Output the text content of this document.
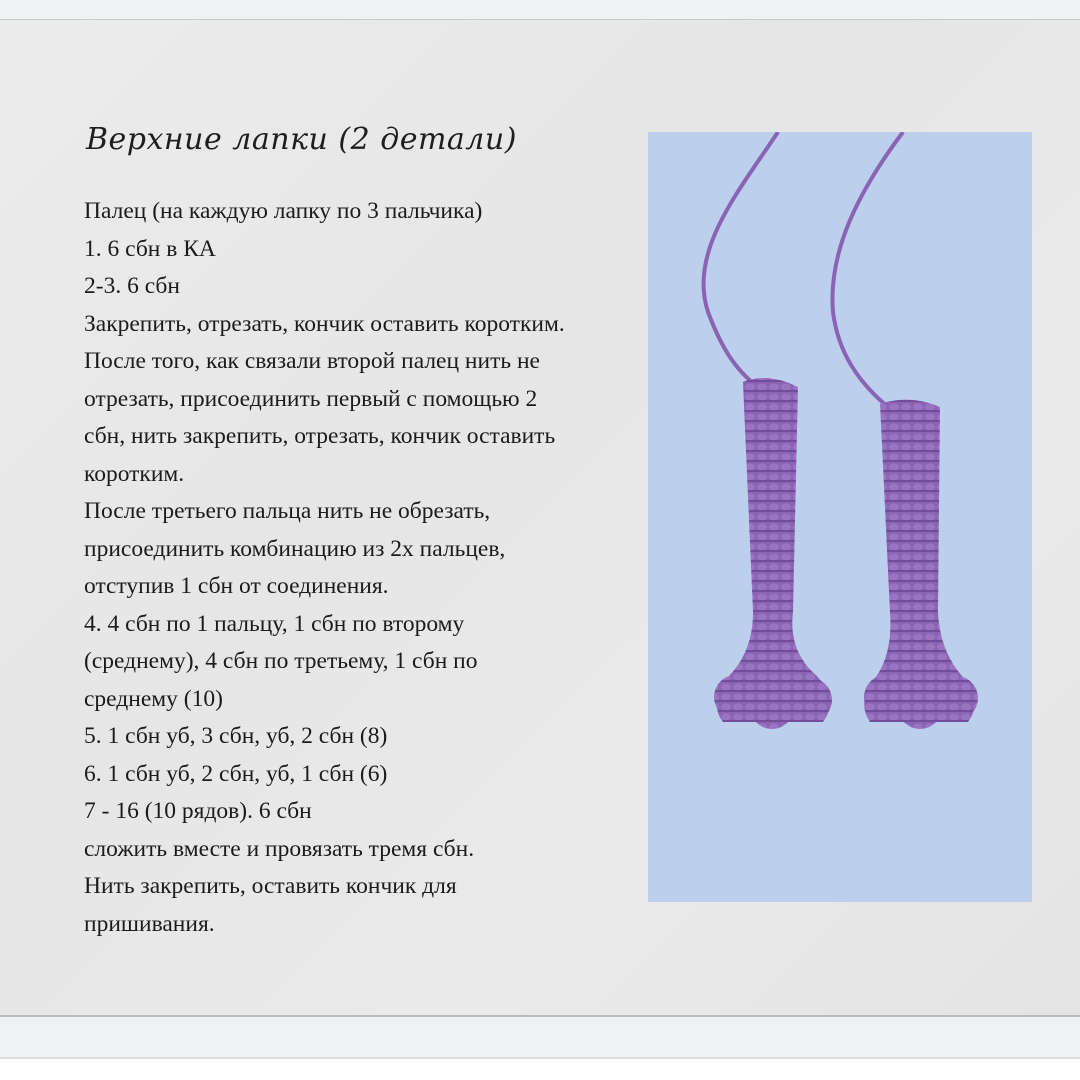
Верхние лапки (2 детали)
Палец (на каждую лапку по 3 пальчика)
1. 6 сбн в КА
2-3. 6 сбн
Закрепить, отрезать, кончик оставить коротким.
После того, как связали второй палец нить не
отрезать, присоединить первый с помощью 2
сбн, нить закрепить, отрезать, кончик оставить
коротким.
После третьего пальца нить не обрезать,
присоединить комбинацию из 2х пальцев,
отступив 1 сбн от соединения.
4. 4 сбн по 1 пальцу, 1 сбн по второму
(среднему), 4 сбн по третьему, 1 сбн по
среднему (10)
5. 1 сбн уб, 3 сбн, уб, 2 сбн (8)
6. 1 сбн уб, 2 сбн, уб, 1 сбн (6)
7 - 16 (10 рядов). 6 сбн
сложить вместе и провязать тремя сбн.
Нить закрепить, оставить кончик для
пришивания.
